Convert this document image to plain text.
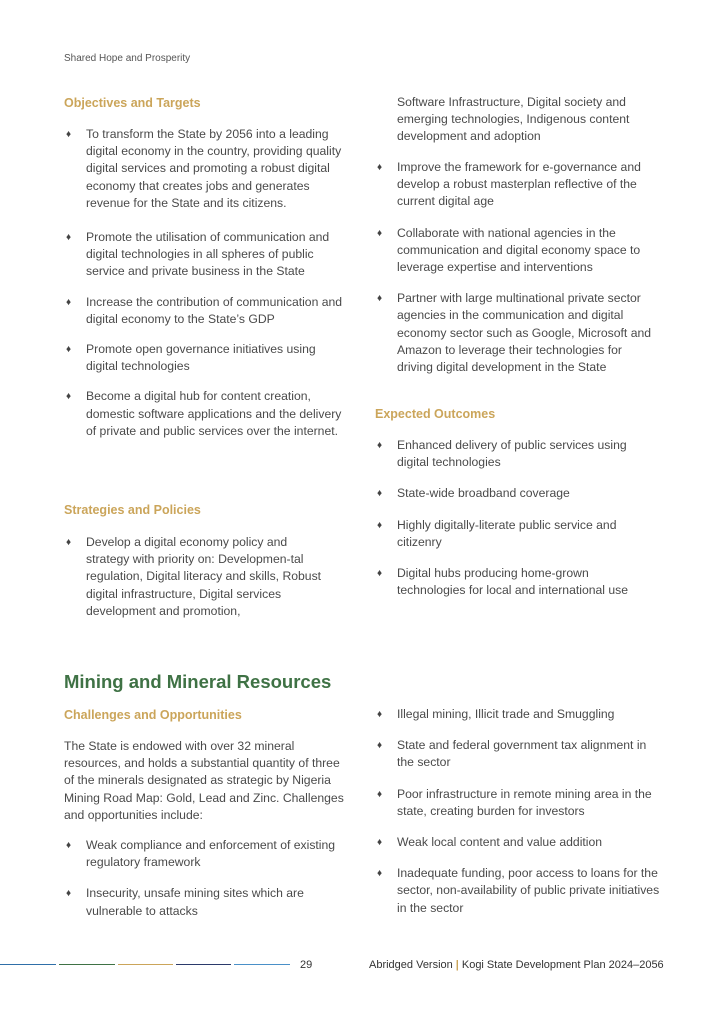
Shared Hope and Prosperity
Objectives and Targets
♦ To transform the State by 2056 into a leading digital economy in the country, providing quality digital services and promoting a robust digital economy that creates jobs and generates revenue for the State and its citizens.
♦ Promote the utilisation of communication and digital technologies in all spheres of public service and private business in the State
♦ Increase the contribution of communication and digital economy to the State’s GDP
♦ Promote open governance initiatives using digital technologies
♦ Become a digital hub for content creation, domestic software applications and the delivery of private and public services over the internet.
Strategies and Policies
♦ Develop a digital economy policy and strategy with priority on: Developmen-tal regulation, Digital literacy and skills, Robust digital infrastructure, Digital services development and promotion,
Software Infrastructure, Digital society and emerging technologies, Indigenous content development and adoption
♦ Improve the framework for e-governance and develop a robust masterplan reflective of the current digital age
♦ Collaborate with national agencies in the communication and digital economy space to leverage expertise and interventions
♦ Partner with large multinational private sector agencies in the communication and digital economy sector such as Google, Microsoft and Amazon to leverage their technologies for driving digital development in the State
Expected Outcomes
♦ Enhanced delivery of public services using digital technologies
♦ State-wide broadband coverage
♦ Highly digitally-literate public service and citizenry
♦ Digital hubs producing home-grown technologies for local and international use
Mining and Mineral Resources
Challenges and Opportunities
The State is endowed with over 32 mineral resources, and holds a substantial quantity of three of the minerals designated as strategic by Nigeria Mining Road Map: Gold, Lead and Zinc. Challenges and opportunities include:
♦ Weak compliance and enforcement of existing regulatory framework
♦ Insecurity, unsafe mining sites which are vulnerable to attacks
♦ Illegal mining, Illicit trade and Smuggling
♦ State and federal government tax alignment in the sector
♦ Poor infrastructure in remote mining area in the state, creating burden for investors
♦ Weak local content and value addition
♦ Inadequate funding, poor access to loans for the sector, non-availability of public private initiatives in the sector
29	Abridged Version | Kogi State Development Plan 2024–2056
